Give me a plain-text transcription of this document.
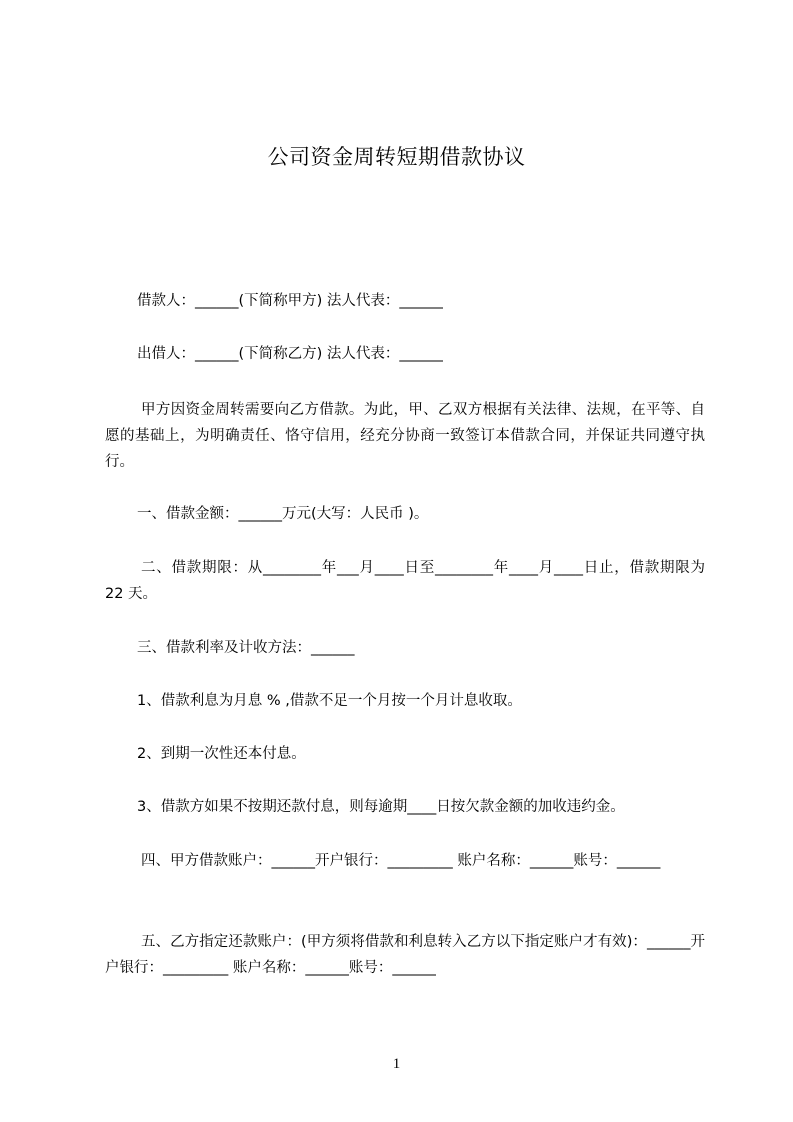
公司资金周转短期借款协议
借款人：______(下简称甲方) 法人代表：______
出借人：______(下简称乙方) 法人代表：______
甲方因资金周转需要向乙方借款。为此，甲、乙双方根据有关法律、法规，在平等、自愿的基础上，为明确责任、恪守信用，经充分协商一致签订本借款合同，并保证共同遵守执行。
一、借款金额：______万元(大写：人民币 )。
二、借款期限：从________年___月____日至________年____月____日止，借款期限为 22 天。
三、借款利率及计收方法：______
1、借款利息为月息 % ,借款不足一个月按一个月计息收取。
2、到期一次性还本付息。
3、借款方如果不按期还款付息，则每逾期____日按欠款金额的加收违约金。
四、甲方借款账户：______开户银行：_________ 账户名称：______账号：______
五、乙方指定还款账户：(甲方须将借款和利息转入乙方以下指定账户才有效)：______开户银行：_________ 账户名称：______账号：______
1
